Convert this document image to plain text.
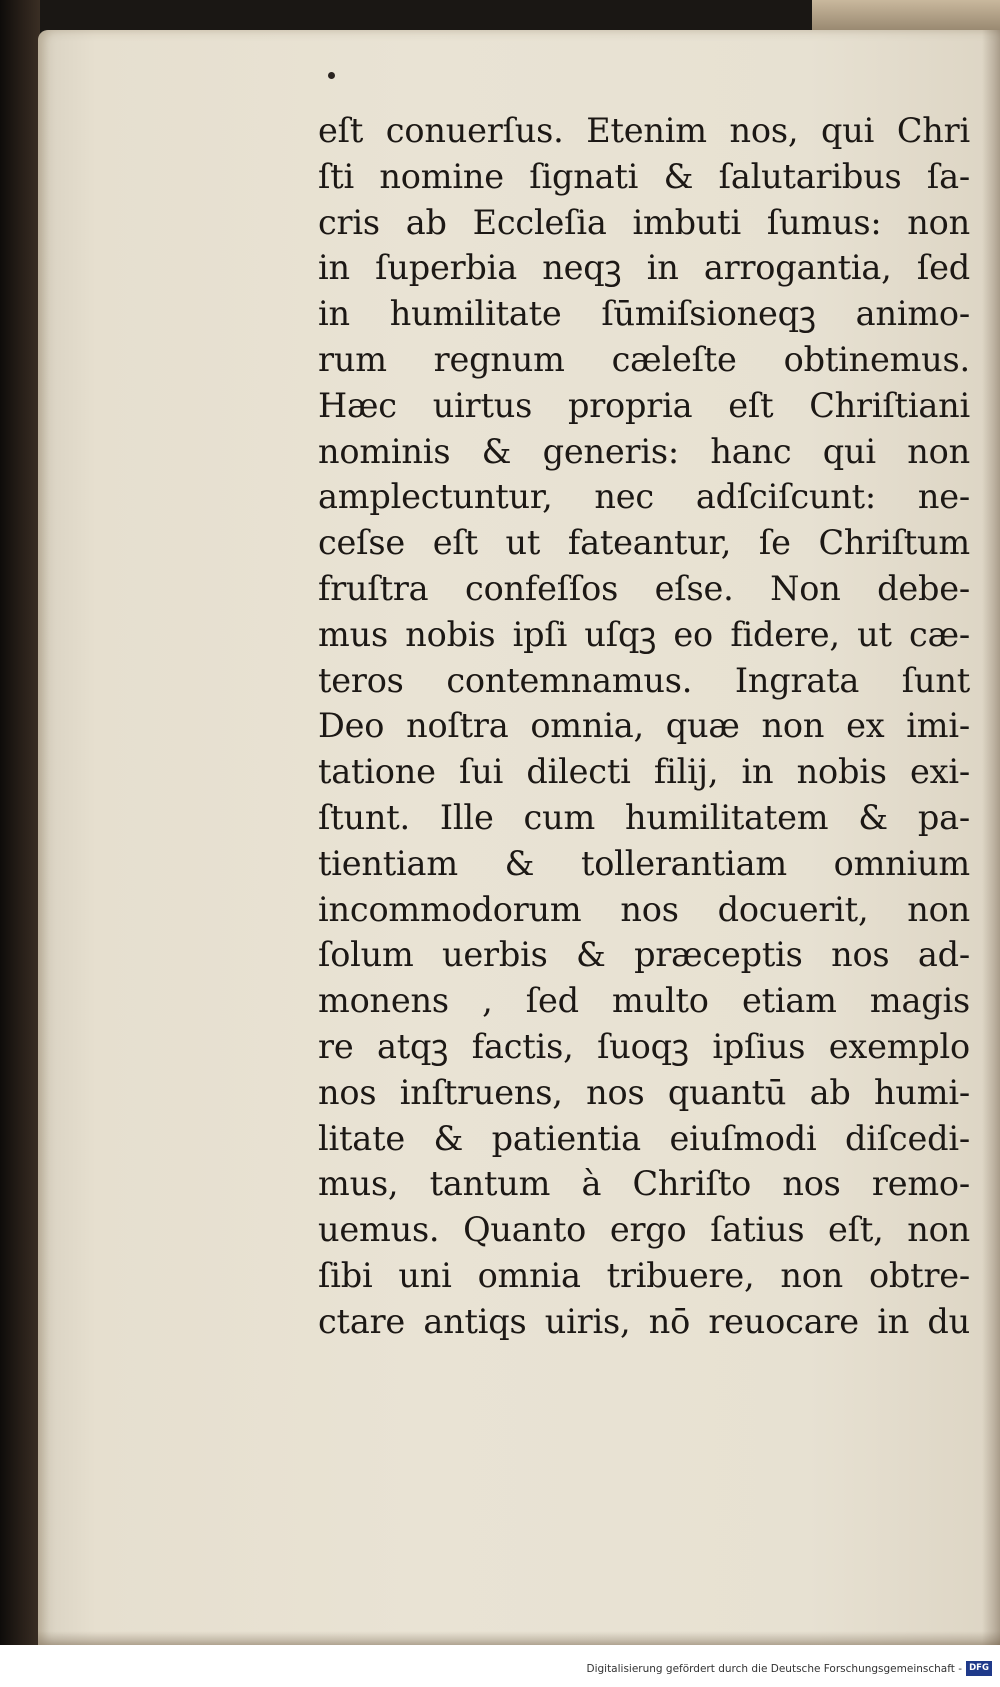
eſt conuerſus. Etenim nos, qui Chri
ſti nomine ſignati & ſalutaribus ſa-
cris ab Eccleſia imbuti ſumus: non
in ſuperbia neqꝫ in arrogantia, ſed
in humilitate ſūmiſsioneqꝫ animo-
rum regnum cæleſte obtinemus.
Hæc uirtus propria eſt Chriſtiani
nominis & generis: hanc qui non
amplectuntur, nec adſciſcunt: ne-
ceſse eſt ut fateantur, ſe Chriſtum
fruſtra confeſſos eſse. Non debe-
mus nobis ipſi uſqꝫ eo fidere, ut cæ-
teros contemnamus. Ingrata ſunt
Deo noſtra omnia, quæ non ex imi-
tatione ſui dilecti filij, in nobis exi-
ſtunt. Ille cum humilitatem & pa-
tientiam & tollerantiam omnium
incommodorum nos docuerit, non
ſolum uerbis & præceptis nos ad-
monens , ſed multo etiam magis
re atqꝫ factis, ſuoqꝫ ipſius exemplo
nos inſtruens, nos quantū ab humi-
litate & patientia eiuſmodi diſcedi-
mus, tantum à Chriſto nos remo-
uemus. Quanto ergo ſatius eſt, non
ſibi uni omnia tribuere, non obtre-
ctare antiqs uiris, nō reuocare in du
Digitalisierung gefördert durch die Deutsche Forschungsgemeinschaft - DFG
